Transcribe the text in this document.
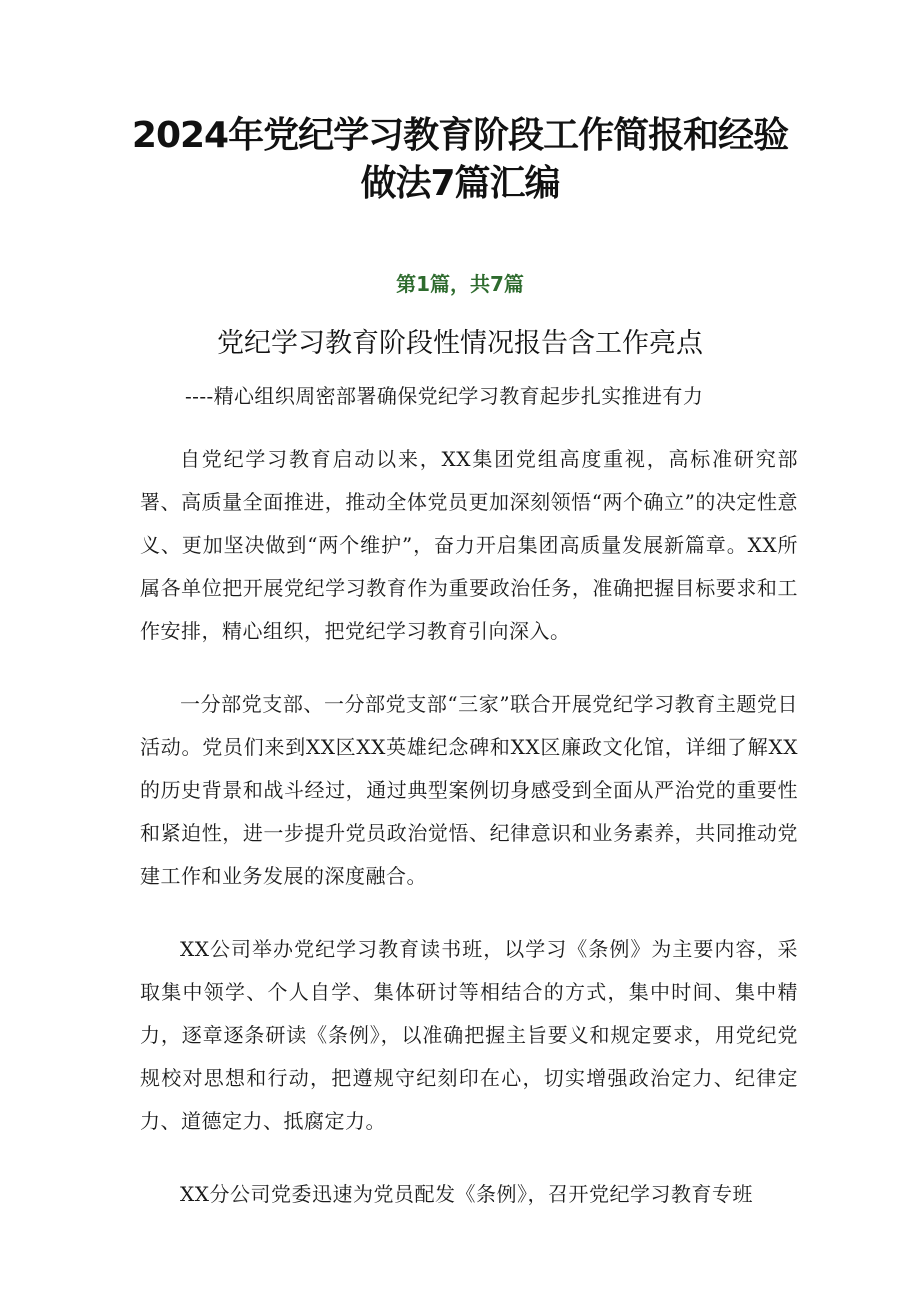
2024年党纪学习教育阶段工作简报和经验做法7篇汇编
第1篇，共7篇
党纪学习教育阶段性情况报告含工作亮点
----精心组织周密部署确保党纪学习教育起步扎实推进有力

自党纪学习教育启动以来，XX集团党组高度重视，高标准研究部署、高质量全面推进，推动全体党员更加深刻领悟“两个确立”的决定性意义、更加坚决做到“两个维护”，奋力开启集团高质量发展新篇章。XX所属各单位把开展党纪学习教育作为重要政治任务，准确把握目标要求和工作安排，精心组织，把党纪学习教育引向深入。

一分部党支部、一分部党支部“三家”联合开展党纪学习教育主题党日活动。党员们来到XX区XX英雄纪念碑和XX区廉政文化馆，详细了解XX的历史背景和战斗经过，通过典型案例切身感受到全面从严治党的重要性和紧迫性，进一步提升党员政治觉悟、纪律意识和业务素养，共同推动党建工作和业务发展的深度融合。

XX公司举办党纪学习教育读书班，以学习《条例》为主要内容，采取集中领学、个人自学、集体研讨等相结合的方式，集中时间、集中精力，逐章逐条研读《条例》，以准确把握主旨要义和规定要求，用党纪党规校对思想和行动，把遵规守纪刻印在心，切实增强政治定力、纪律定力、道德定力、抵腐定力。

XX分公司党委迅速为党员配发《条例》，召开党纪学习教育专班
